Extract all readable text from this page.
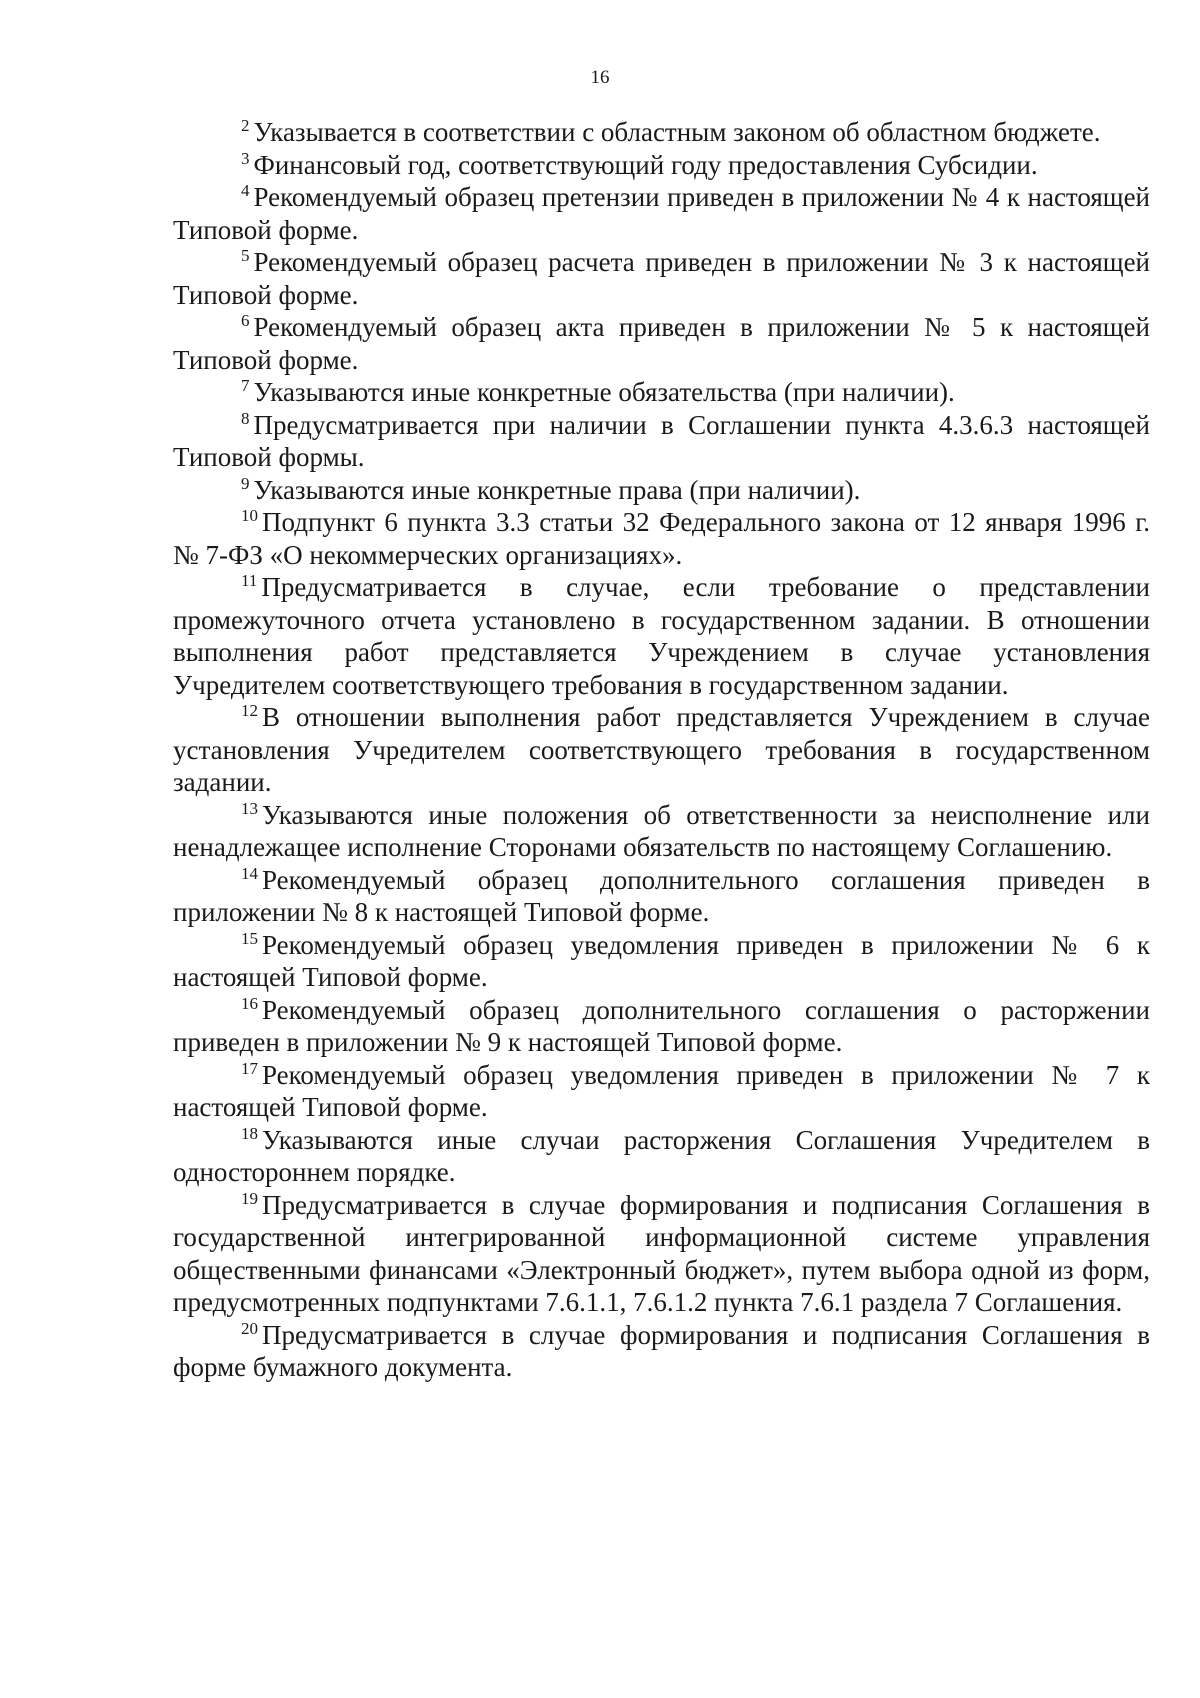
16

$^2$ Указывается в соответствии с областным законом об областном бюджете.

$^3$ Финансовый год, соответствующий году предоставления Субсидии.

$^4$ Рекомендуемый образец претензии приведен в приложении № 4 к настоящей Типовой форме.

$^5$ Рекомендуемый образец расчета приведен в приложении № 3 к настоящей Типовой форме.

$^6$ Рекомендуемый образец акта приведен в приложении № 5 к настоящей Типовой форме.

$^7$ Указываются иные конкретные обязательства (при наличии).

$^8$ Предусматривается при наличии в Соглашении пункта 4.3.6.3 настоящей Типовой формы.

$^9$ Указываются иные конкретные права (при наличии).

$^{10}$ Подпункт 6 пункта 3.3 статьи 32 Федерального закона от 12 января 1996 г. № 7-ФЗ «О некоммерческих организациях».

$^{11}$ Предусматривается в случае, если требование о представлении промежуточного отчета установлено в государственном задании. В отношении выполнения работ представляется Учреждением в случае установления Учредителем соответствующего требования в государственном задании.

$^{12}$ В отношении выполнения работ представляется Учреждением в случае установления Учредителем соответствующего требования в государственном задании.

$^{13}$ Указываются иные положения об ответственности за неисполнение или ненадлежащее исполнение Сторонами обязательств по настоящему Соглашению.

$^{14}$ Рекомендуемый образец дополнительного соглашения приведен в приложении № 8 к настоящей Типовой форме.

$^{15}$ Рекомендуемый образец уведомления приведен в приложении № 6 к настоящей Типовой форме.

$^{16}$ Рекомендуемый образец дополнительного соглашения о расторжении приведен в приложении № 9 к настоящей Типовой форме.

$^{17}$ Рекомендуемый образец уведомления приведен в приложении № 7 к настоящей Типовой форме.

$^{18}$ Указываются иные случаи расторжения Соглашения Учредителем в одностороннем порядке.

$^{19}$ Предусматривается в случае формирования и подписания Соглашения в государственной интегрированной информационной системе управления общественными финансами «Электронный бюджет», путем выбора одной из форм, предусмотренных подпунктами 7.6.1.1, 7.6.1.2 пункта 7.6.1 раздела 7 Соглашения.

$^{20}$ Предусматривается в случае формирования и подписания Соглашения в форме бумажного документа.
